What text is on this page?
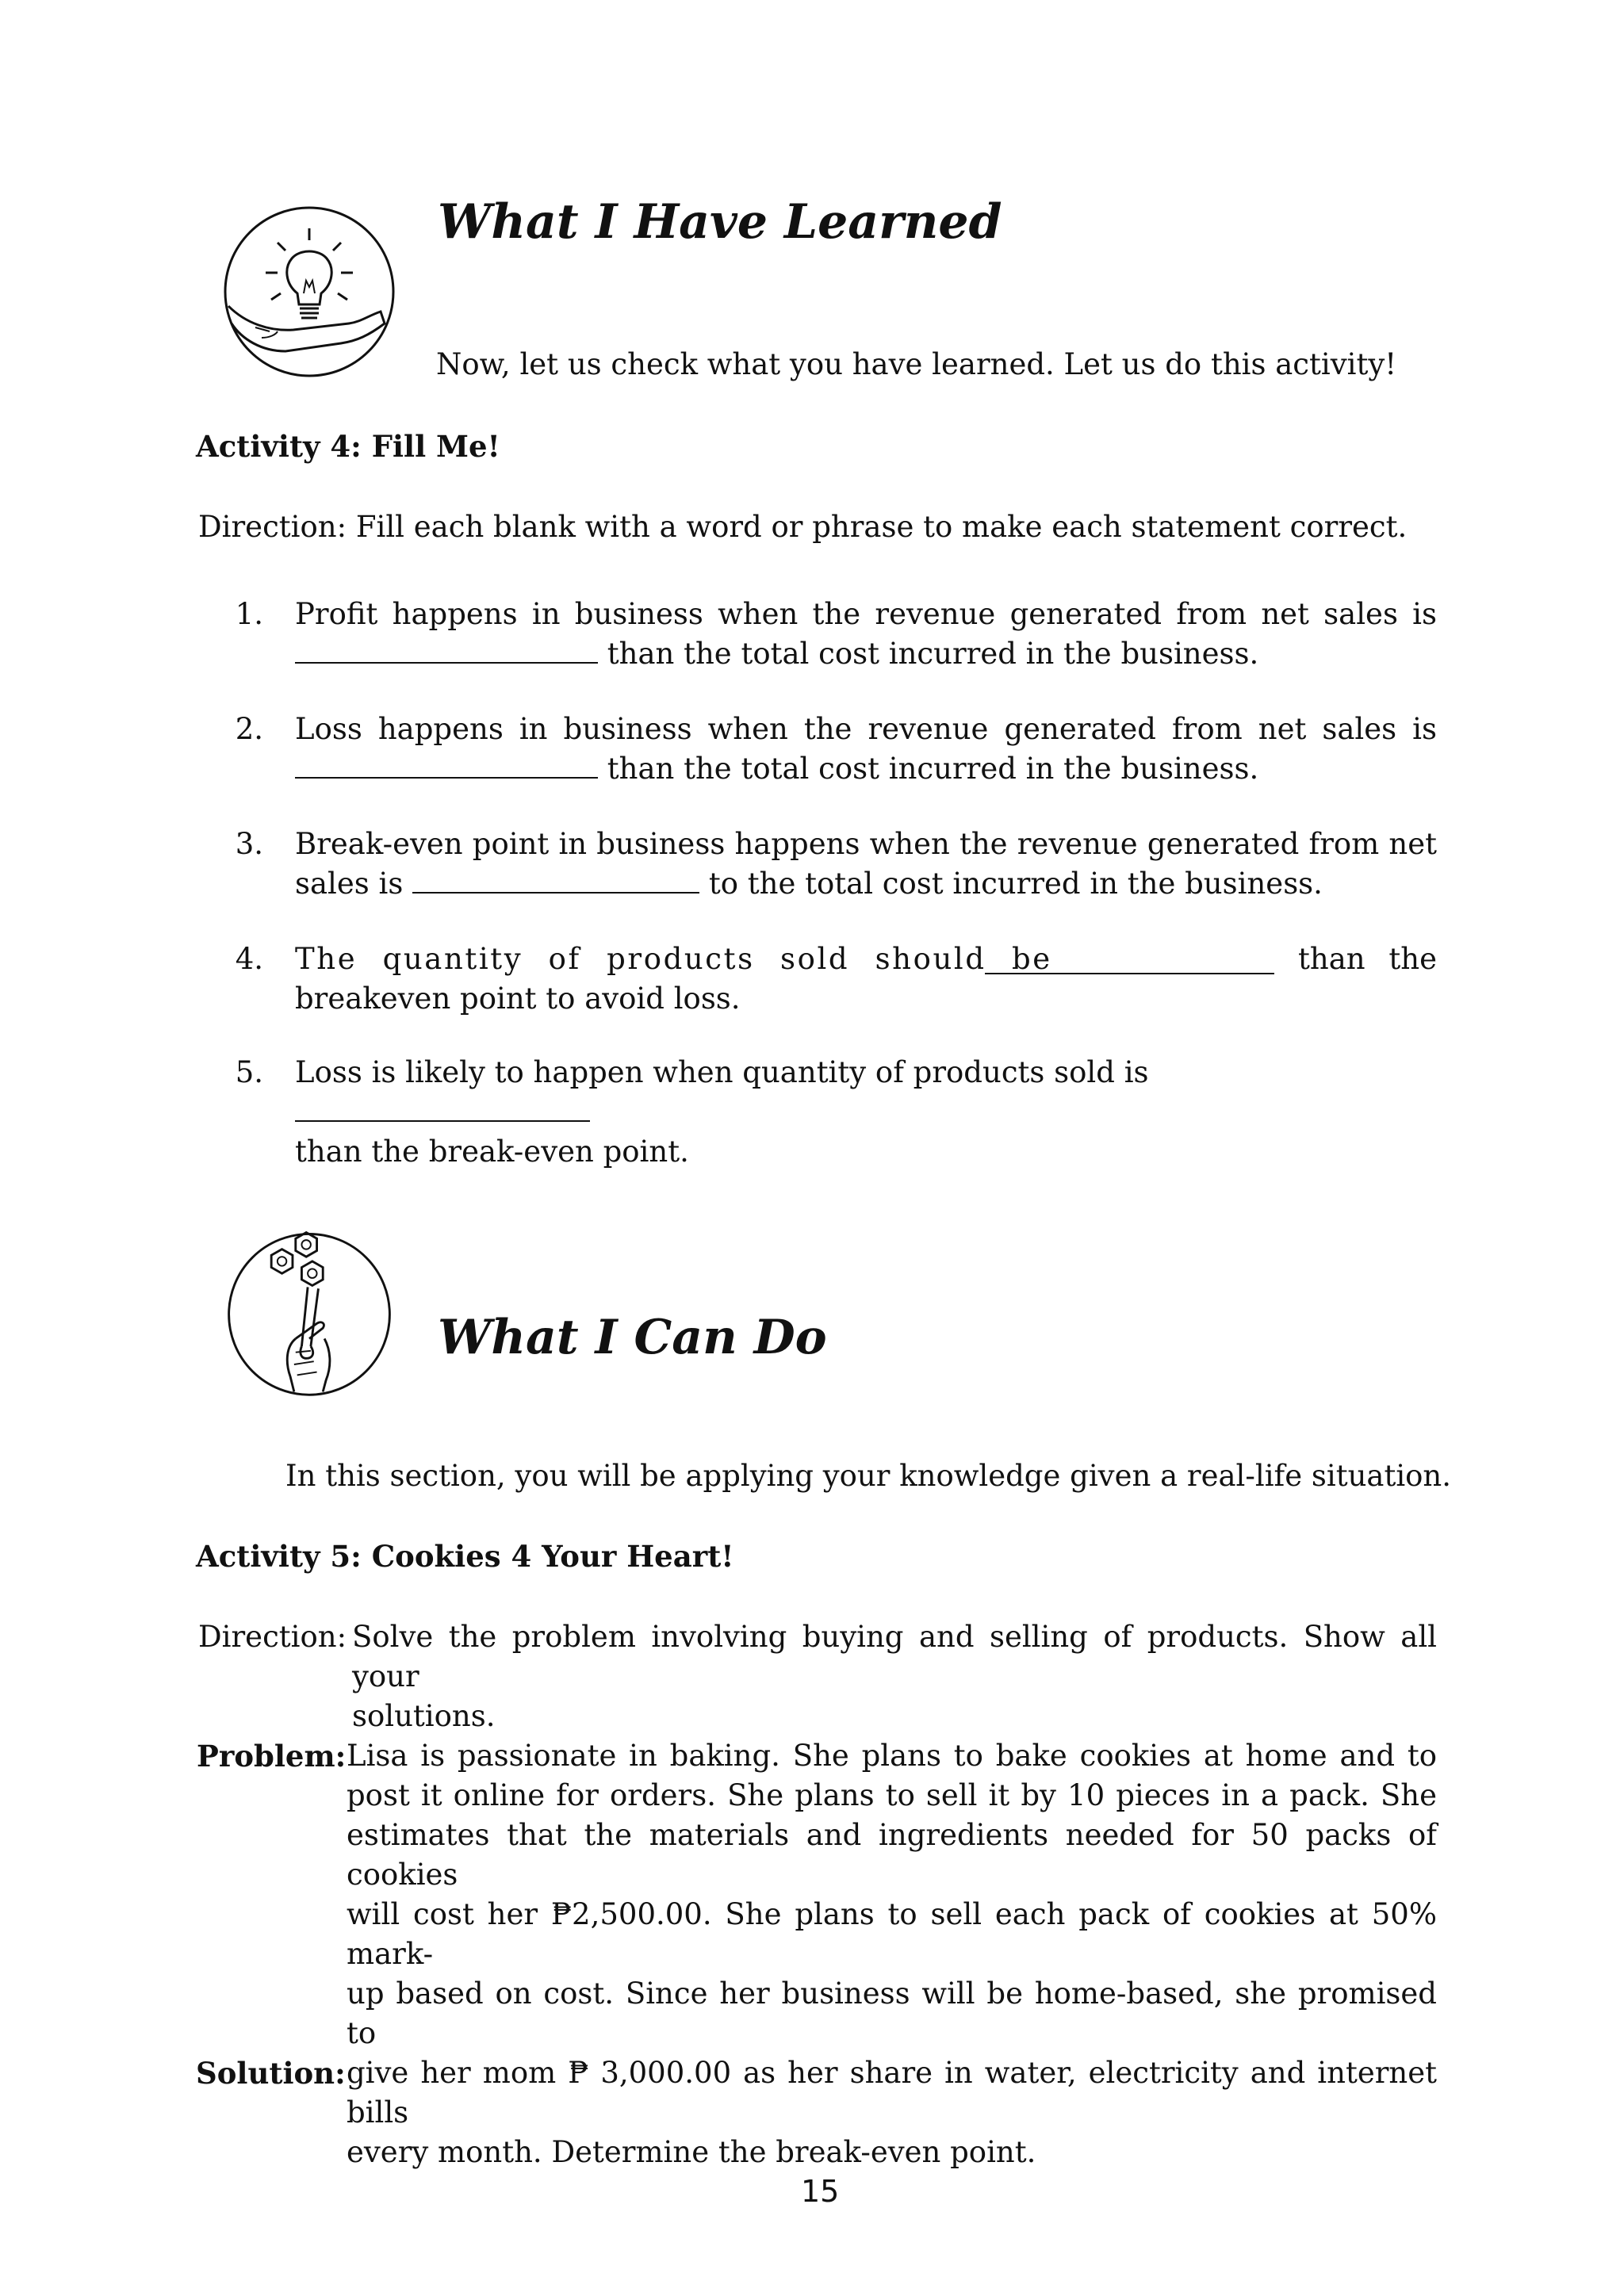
What I Have Learned
Now, let us check what you have learned. Let us do this activity!
Activity 4: Fill Me!
Direction: Fill each blank with a word or phrase to make each statement correct.
1. Profit happens in business when the revenue generated from net sales is
than the total cost incurred in the business.
2. Loss happens in business when the revenue generated from net sales is
than the total cost incurred in the business.
3. Break-even point in business happens when the revenue generated from net
sales is	to the total cost incurred in the business.
4. The quantity of products sold should be	than the
breakeven point to avoid loss.
5. Loss is likely to happen when quantity of products sold is
than the break-even point.
What I Can Do
In this section, you will be applying your knowledge given a real-life situation.
Activity 5: Cookies 4 Your Heart!
Direction: Solve the problem involving buying and selling of products. Show all your
solutions.
Problem: Lisa is passionate in baking. She plans to bake cookies at home and to
post it online for orders. She plans to sell it by 10 pieces in a pack. She
estimates that the materials and ingredients needed for 50 packs of cookies
will cost her ₱2,500.00. She plans to sell each pack of cookies at 50% mark-
up based on cost. Since her business will be home-based, she promised to
give her mom ₱ 3,000.00 as her share in water, electricity and internet bills
every month. Determine the break-even point.
Solution:
15
